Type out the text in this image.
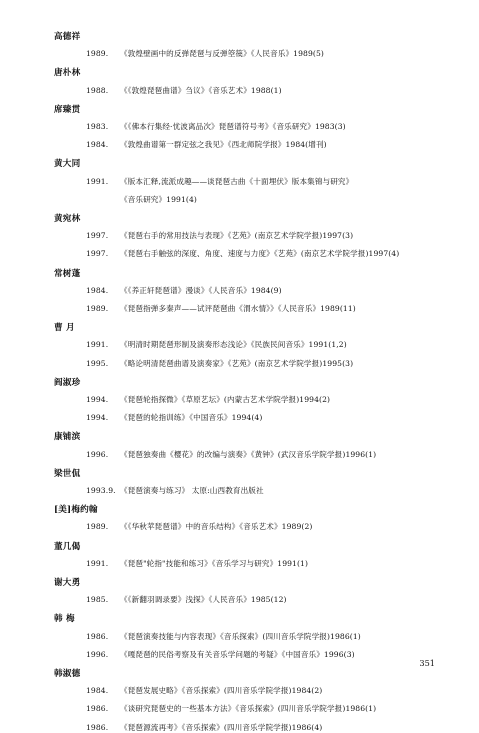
高德祥
1989. 《敦煌壁画中的反弹琵琶与反弹箜篌》《人民音乐》1989(5)
唐朴林
1988. 《《敦煌琵琶曲谱》刍议》《音乐艺术》1988(1)
席臻贯
1983. 《《佛本行集经·忧波离品次》琵琶谱符号考》《音乐研究》1983(3)
1984. 《敦煌曲谱第一群定弦之我见》《西北师院学报》1984(增刊)
黄大同
1991. 《版本汇释,流派成趣——谈琵琶古曲《十面埋伏》版本集锦与研究》
《音乐研究》1991(4)
黄宛林
1997. 《琵琶右手的常用技法与表现》《艺苑》(南京艺术学院学报)1997(3)
1997. 《琵琶右手触弦的深度、角度、速度与力度》《艺苑》(南京艺术学院学报)1997(4)
常树蓬
1984. 《《养正轩琵琶谱》漫谈》《人民音乐》1984(9)
1989. 《琵琶指弹多秦声——试评琵琶曲《渭水情》》《人民音乐》1989(11)
曹 月
1991. 《明清时期琵琶形制及演奏形态浅论》《民族民间音乐》1991(1,2)
1995. 《略论明清琵琶曲谱及演奏家》《艺苑》(南京艺术学院学报)1995(3)
阎淑珍
1994. 《琵琶轮指探微》《草原艺坛》(内蒙古艺术学院学报)1994(2)
1994. 《琵琶的轮指训练》《中国音乐》1994(4)
康铺滨
1996. 《琵琶独奏曲《樱花》的改编与演奏》《黄钟》(武汉音乐学院学报)1996(1)
梁世侃
1993.9. 《琵琶演奏与练习》 太原:山西教育出版社
[美]梅约翰
1989. 《《华秋苹琵琶谱》中的音乐结构》《音乐艺术》1989(2)
董几偈
1991. 《琵琶"轮指"技能和练习》《音乐学习与研究》1991(1)
谢大勇
1985. 《《新翻羽调录要》浅探》《人民音乐》1985(12)
韩 梅
1986. 《琵琶演奏技能与内容表现》《音乐探索》(四川音乐学院学报)1986(1)
1996. 《嘎琵琶的民俗考察及有关音乐学问题的考疑》《中国音乐》1996(3)
韩淑德
1984. 《琵琶发展史略》《音乐探索》(四川音乐学院学报)1984(2)
1986. 《谈研究琵琶史的一些基本方法》《音乐探索》(四川音乐学院学报)1986(1)
1986. 《琵琶源流再考》《音乐探索》(四川音乐学院学报)1986(4)
351
